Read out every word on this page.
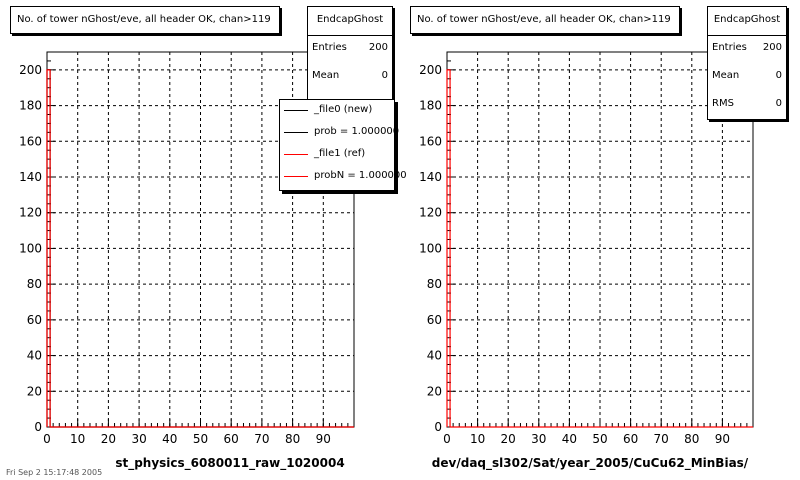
0
20
40
60
80
100
120
140
160
180
200
0 10 20 30 40 50 60 70 80 90
No. of tower nGhost/eve, all header OK, chan>119	EndcapGhost
Entries 200
Mean	0
_file0 (new)
prob = 1.000000
_file1 (ref)
probN = 1.000000
st_physics_6080011_raw_1020004
0
20
40
60
80
100
120
140
160
180
200
0 10 20 30 40 50 60 70 80 90
No. of tower nGhost/eve, all header OK, chan>119	EndcapGhost
Entries 200
Mean	0
RMS	0
dev/daq_sl302/Sat/year_2005/CuCu62_MinBias/
Fri Sep 2 15:17:48 2005
